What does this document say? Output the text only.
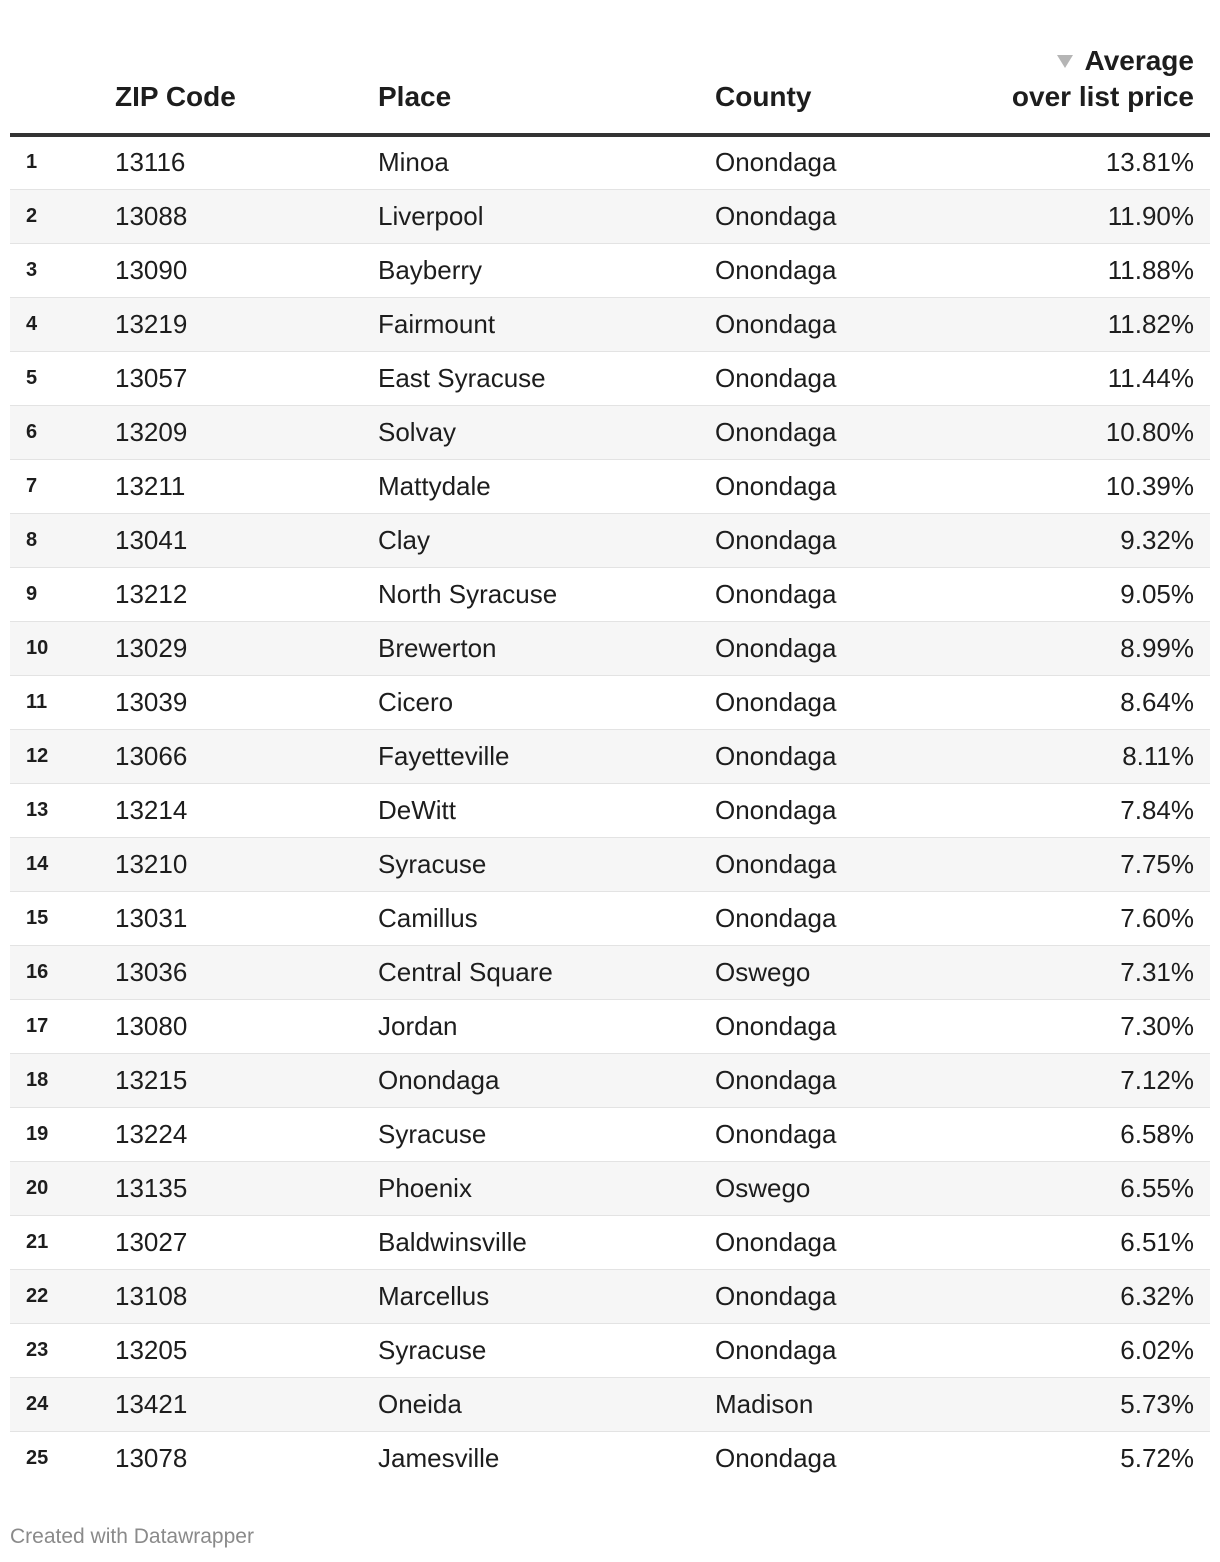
	ZIP Code	Place	County	Average
over list price
1	13116	Minoa	Onondaga	13.81%
2	13088	Liverpool	Onondaga	11.90%
3	13090	Bayberry	Onondaga	11.88%
4	13219	Fairmount	Onondaga	11.82%
5	13057	East Syracuse	Onondaga	11.44%
6	13209	Solvay	Onondaga	10.80%
7	13211	Mattydale	Onondaga	10.39%
8	13041	Clay	Onondaga	9.32%
9	13212	North Syracuse	Onondaga	9.05%
10	13029	Brewerton	Onondaga	8.99%
11	13039	Cicero	Onondaga	8.64%
12	13066	Fayetteville	Onondaga	8.11%
13	13214	DeWitt	Onondaga	7.84%
14	13210	Syracuse	Onondaga	7.75%
15	13031	Camillus	Onondaga	7.60%
16	13036	Central Square	Oswego	7.31%
17	13080	Jordan	Onondaga	7.30%
18	13215	Onondaga	Onondaga	7.12%
19	13224	Syracuse	Onondaga	6.58%
20	13135	Phoenix	Oswego	6.55%
21	13027	Baldwinsville	Onondaga	6.51%
22	13108	Marcellus	Onondaga	6.32%
23	13205	Syracuse	Onondaga	6.02%
24	13421	Oneida	Madison	5.73%
25	13078	Jamesville	Onondaga	5.72%
Created with Datawrapper
